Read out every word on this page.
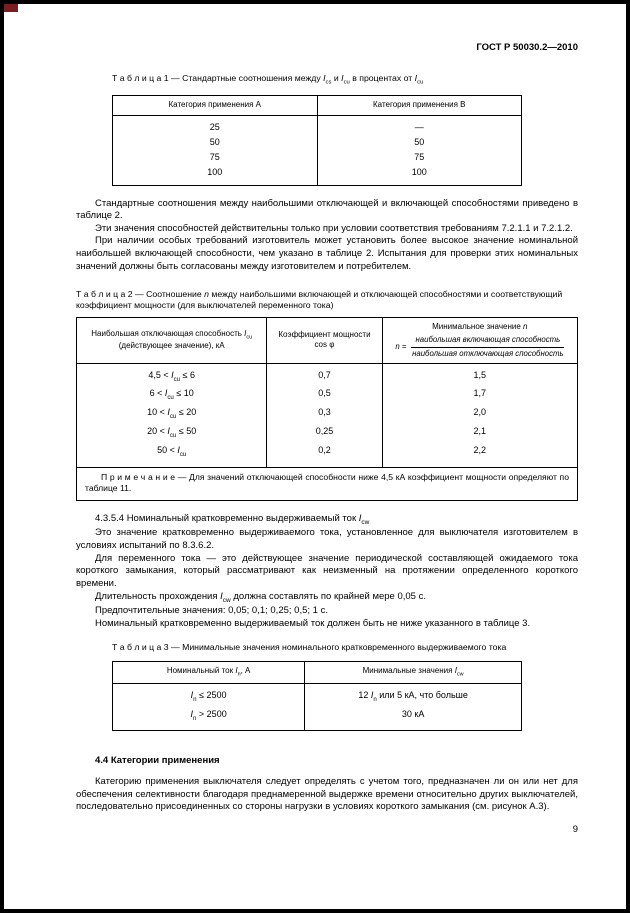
ГОСТ Р 50030.2—2010

Т а б л и ц а 1 — Стандартные соотношения между $I_{cs}$ и $I_{cu}$ в процентах от $I_{cu}$

Категория применения А	Категория применения В
25	—
50	50
75	75
100	100

Стандартные соотношения между наибольшими отключающей и включающей способностями приведено в таблице 2.

Эти значения способностей действительны только при условии соответствия требованиям 7.2.1.1 и 7.2.1.2.

При наличии особых требований изготовитель может установить более высокое значение номинальной наибольшей включающей способности, чем указано в таблице 2. Испытания для проверки этих номинальных значений должны быть согласованы между изготовителем и потребителем.

Т а б л и ц а 2 — Соотношение n между наибольшими включающей и отключающей способностями и соответствующий коэффициент мощности (для выключателей переменного тока)

Наибольшая отключающая способность $I_{cu}$ (действующее значение), кА	Коэффициент мощности cos φ	Минимальное значение n
$n = \frac{\text{наибольшая включающая способность}}{\text{наибольшая отключающая способность}}$

$4,5 < I_{cu} \le 6$	0,7	1,5
$6 < I_{cu} \le 10$	0,5	1,7
$10 < I_{cu} \le 20$	0,3	2,0
$20 < I_{cu} \le 50$	0,25	2,1
$50 < I_{cu}$	0,2	2,2
П р и м е ч а н и е — Для значений отключающей способности ниже 4,5 кА коэффициент мощности определяют по таблице 11.		

4.3.5.4 Номинальный кратковременно выдерживаемый ток $I_{cw}$

Это значение кратковременно выдерживаемого тока, установленное для выключателя изготовителем в условиях испытаний по 8.3.6.2.

Для переменного тока — это действующее значение периодической составляющей ожидаемого тока короткого замыкания, который рассматривают как неизменный на протяжении определенного короткого времени.

Длительность прохождения $I_{cw}$ должна составлять по крайней мере 0,05 с.

Предпочтительные значения: 0,05; 0,1; 0,25; 0,5; 1 с.

Номинальный кратковременно выдерживаемый ток должен быть не ниже указанного в таблице 3.

Т а б л и ц а 3 — Минимальные значения номинального кратковременного выдерживаемого тока

Номинальный ток $I_n$, А	Минимальные значения $I_{cw}$
$I_n \le 2500$	12 $I_n$ или 5 кА, что больше
$I_n > 2500$	30 кА

4.4 Категории применения

Категорию применения выключателя следует определять с учетом того, предназначен ли он или нет для обеспечения селективности благодаря преднамеренной выдержке времени относительно других выключателей, последовательно присоединенных со стороны нагрузки в условиях короткого замыкания (см. рисунок А.3).

9
